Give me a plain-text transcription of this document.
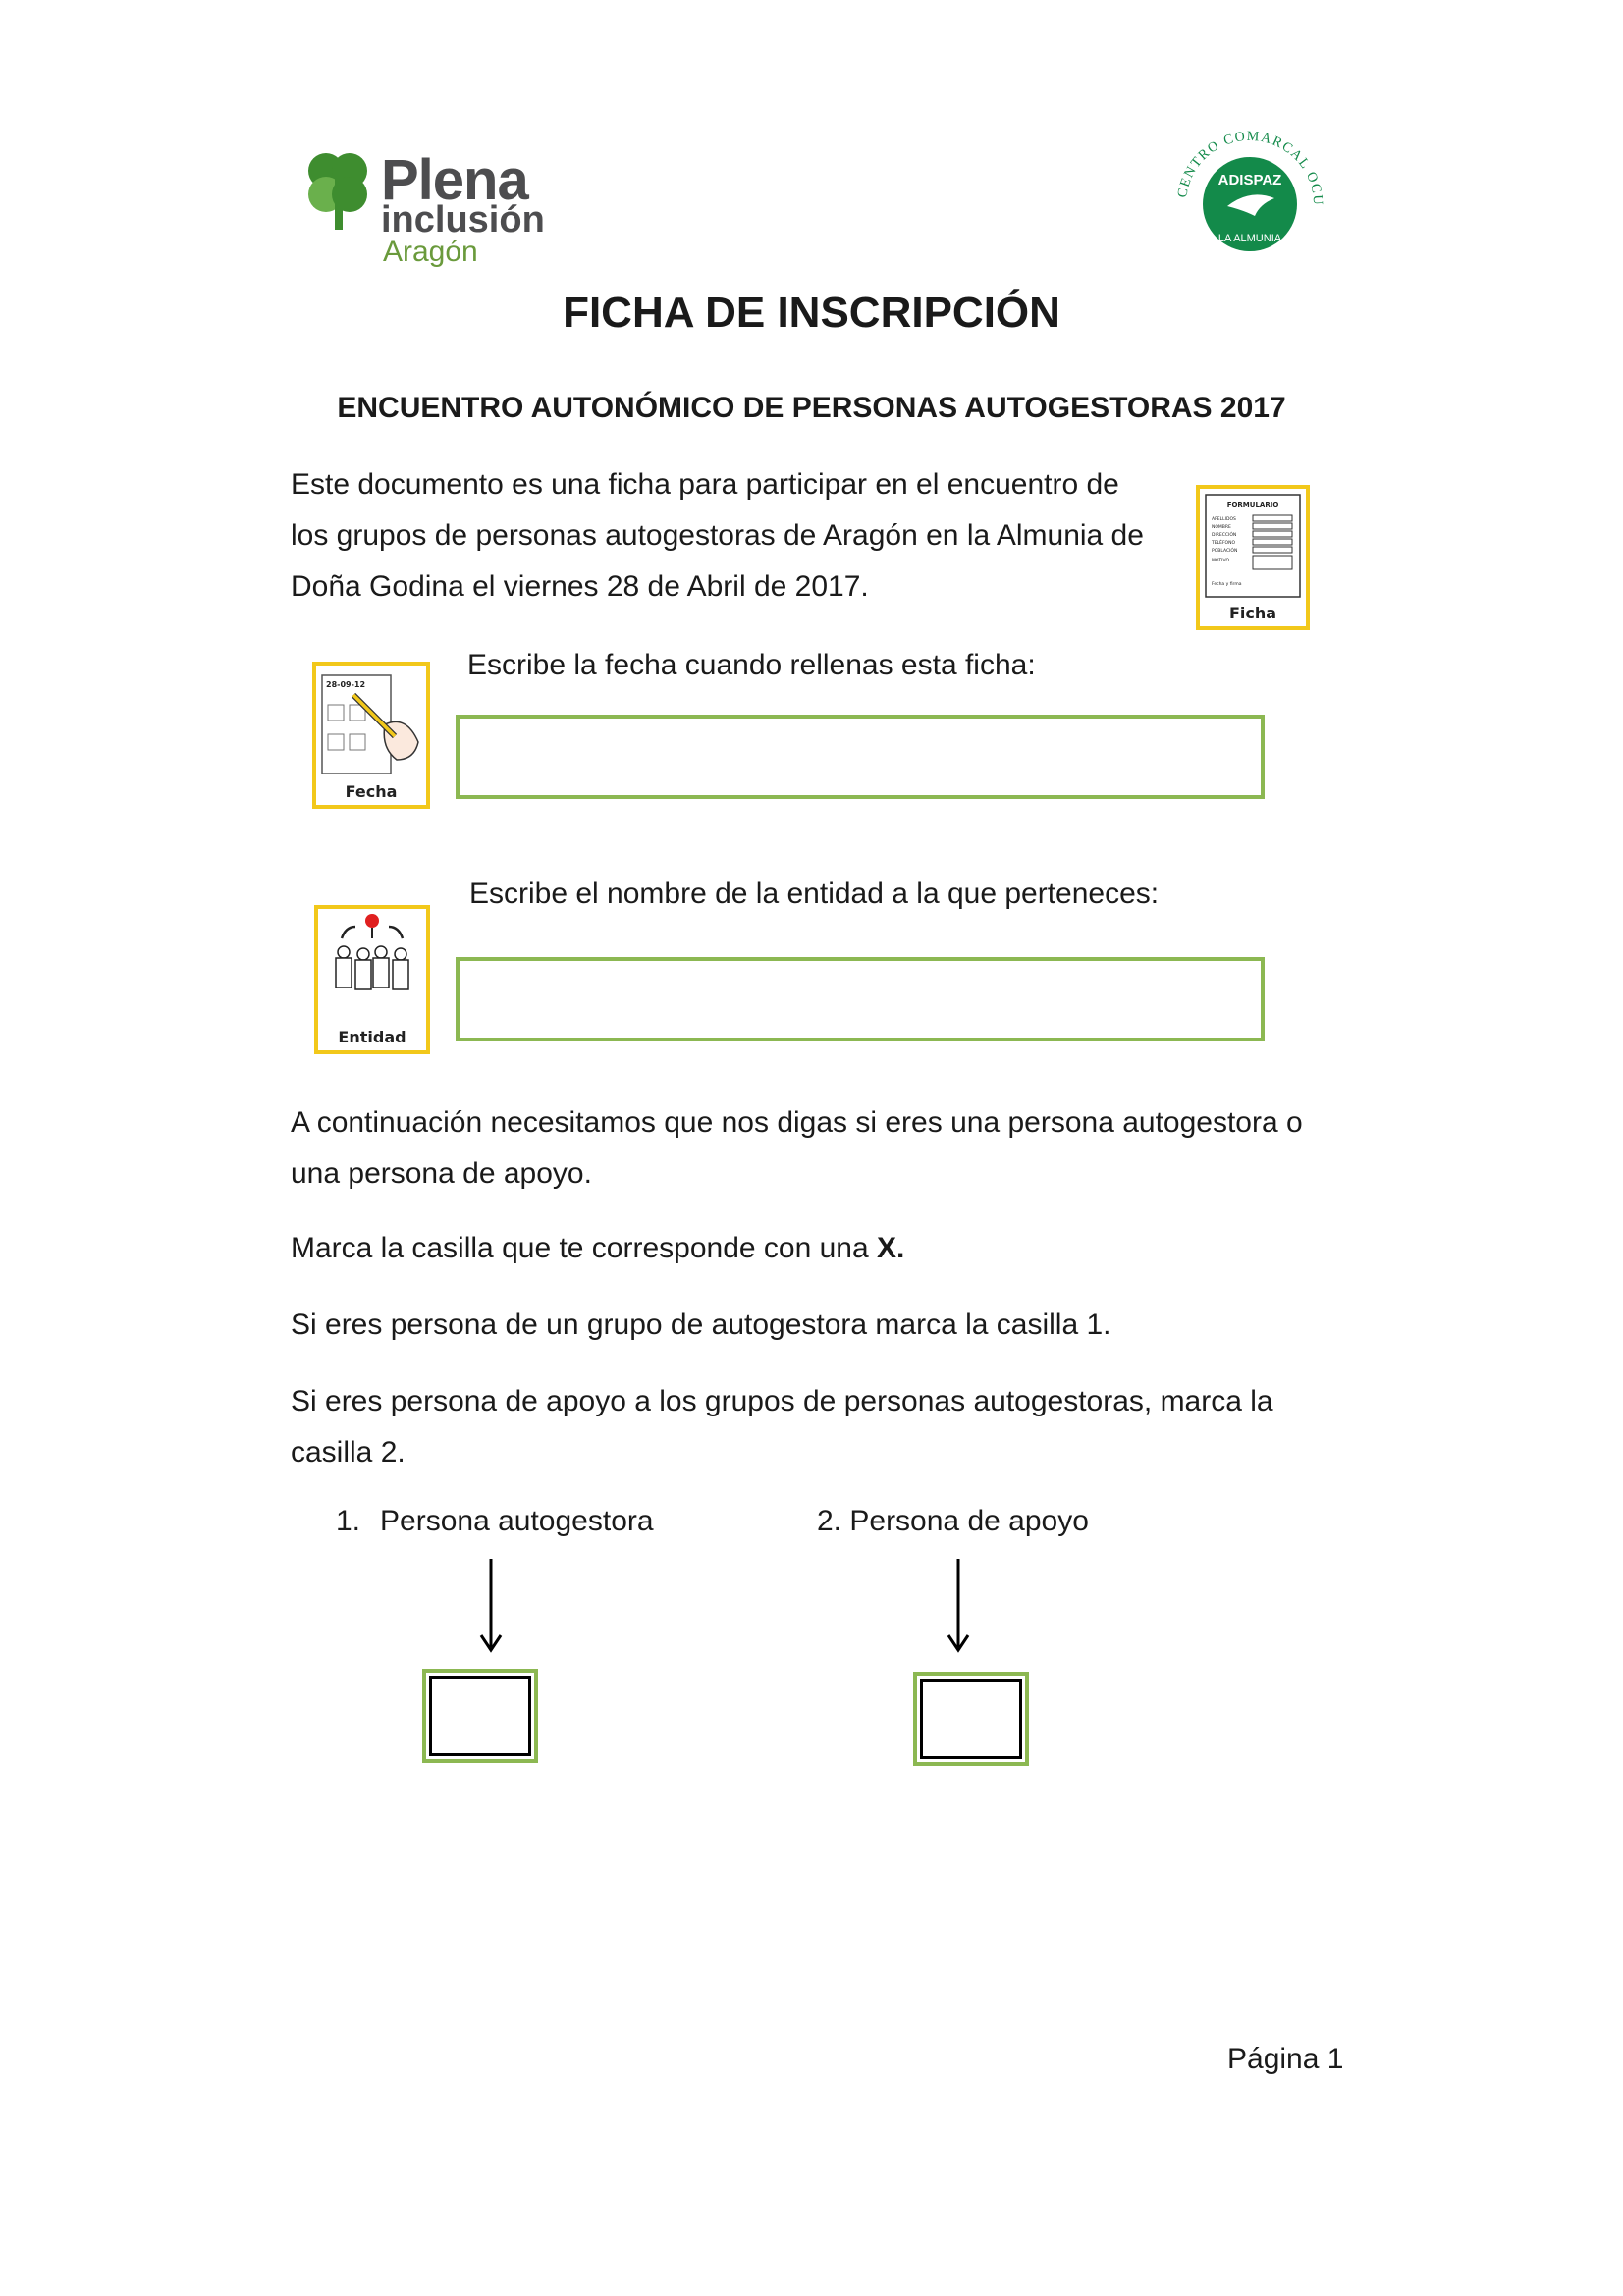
Plena
inclusión
Aragón
CENTRO COMARCAL OCU
ADISPAZ
LA ALMUNIA
FICHA DE INSCRIPCIÓN
ENCUENTRO AUTONÓMICO DE PERSONAS AUTOGESTORAS 2017
Este documento es una ficha para participar en el encuentro de
los grupos de personas autogestoras de Aragón en la Almunia de
Doña Godina el viernes 28 de Abril de 2017.
FORMULARIO
APELLIDOS
NOMBRE
DIRECCIÓN
TELÉFONO
POBLACIÓN
MOTIVO
Fecha y firma
Ficha
Escribe la fecha cuando rellenas esta ficha:
28-09-12
Fecha
Escribe el nombre de la entidad a la que perteneces:
Entidad
A continuación necesitamos que nos digas si eres una persona autogestora o una persona de apoyo.
Marca la casilla que te corresponde con una X.
Si eres persona de un grupo de autogestora marca la casilla 1.
Si eres persona de apoyo a los grupos de personas autogestoras, marca la casilla 2.
1. Persona autogestora	2. Persona de apoyo
Página 1
